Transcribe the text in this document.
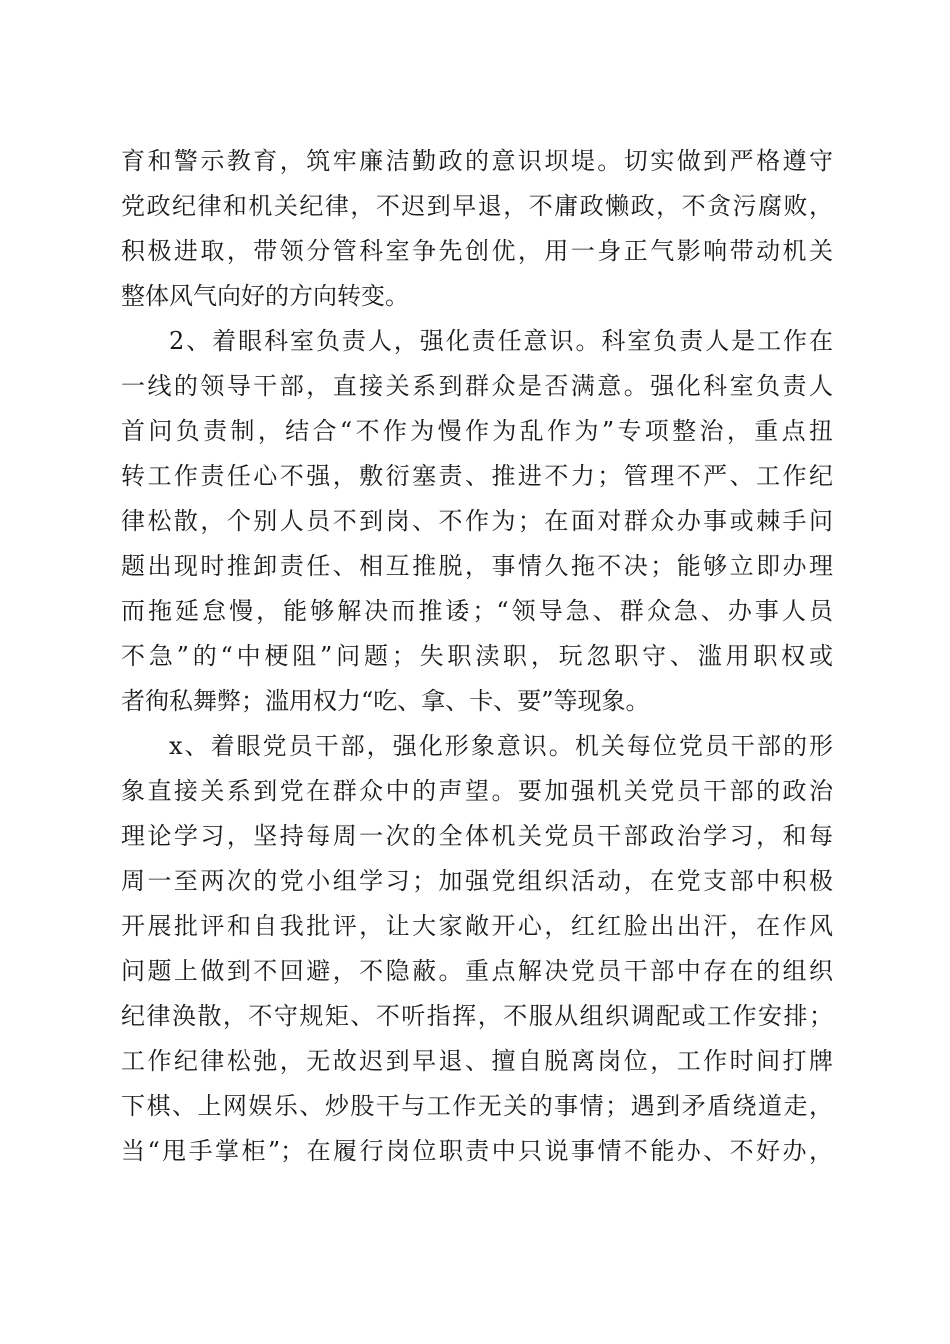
育和警示教育，筑牢廉洁勤政的意识坝堤。切实做到严格遵守

党政纪律和机关纪律，不迟到早退，不庸政懒政，不贪污腐败，

积极进取，带领分管科室争先创优，用一身正气影响带动机关

整体风气向好的方向转变。

2、着眼科室负责人，强化责任意识。科室负责人是工作在

一线的领导干部，直接关系到群众是否满意。强化科室负责人

首问负责制，结合“不作为慢作为乱作为”专项整治，重点扭

转工作责任心不强，敷衍塞责、推进不力；管理不严、工作纪

律松散，个别人员不到岗、不作为；在面对群众办事或棘手问

题出现时推卸责任、相互推脱，事情久拖不决；能够立即办理

而拖延怠慢，能够解决而推诿；“领导急、群众急、办事人员

不急”的“中梗阻”问题；失职渎职，玩忽职守、滥用职权或

者徇私舞弊；滥用权力“吃、拿、卡、要”等现象。

x、着眼党员干部，强化形象意识。机关每位党员干部的形

象直接关系到党在群众中的声望。要加强机关党员干部的政治

理论学习，坚持每周一次的全体机关党员干部政治学习，和每

周一至两次的党小组学习；加强党组织活动，在党支部中积极

开展批评和自我批评，让大家敞开心，红红脸出出汗，在作风

问题上做到不回避，不隐蔽。重点解决党员干部中存在的组织

纪律涣散，不守规矩、不听指挥，不服从组织调配或工作安排；

工作纪律松弛，无故迟到早退、擅自脱离岗位，工作时间打牌

下棋、上网娱乐、炒股干与工作无关的事情；遇到矛盾绕道走，

当“甩手掌柜”；在履行岗位职责中只说事情不能办、不好办，
